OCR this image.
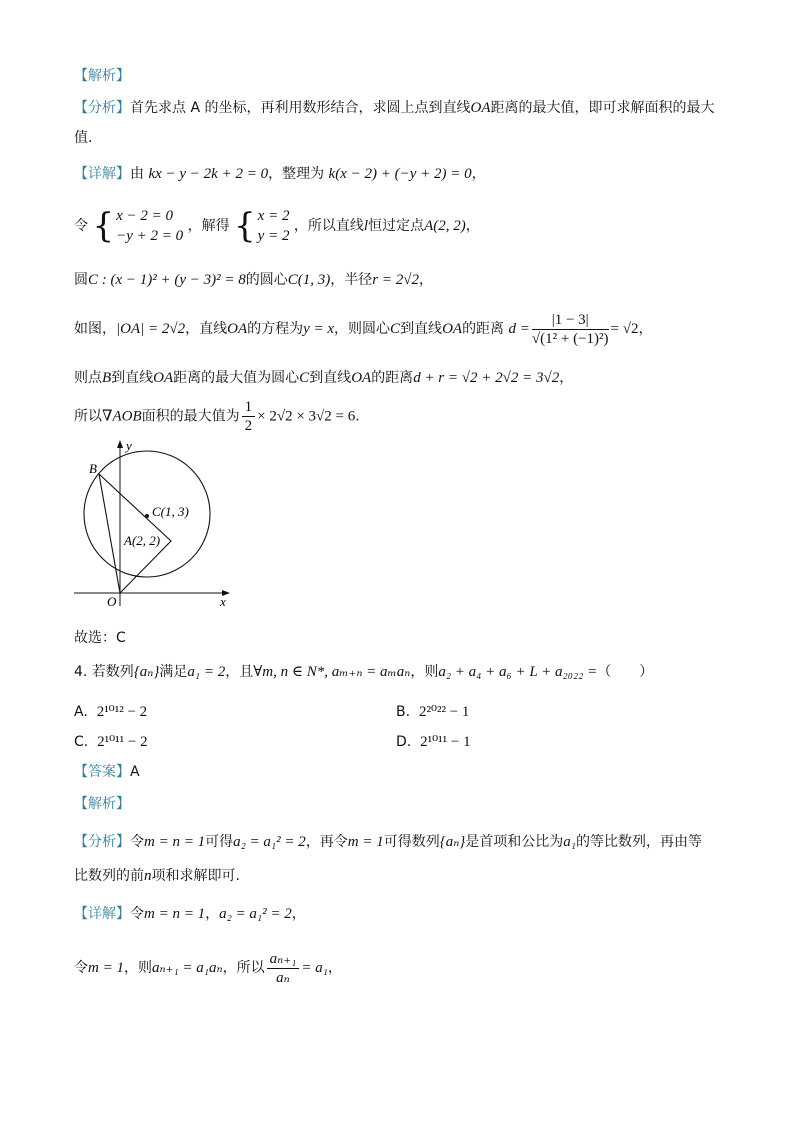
【解析】
【分析】首先求点 A 的坐标，再利用数形结合，求圆上点到直线OA距离的最大值，即可求解面积的最大
值.
【详解】由 kx − y − 2k + 2 = 0，整理为 k(x − 2) + (−y + 2) = 0，
令 { x − 2 = 0
−y + 2 = 0
，解得 { x = 2
y = 2
，所以直线l恒过定点A(2, 2)，
圆C : (x − 1)² + (y − 3)² = 8的圆心C(1, 3)，半径r = 2√2，
如图，|OA| = 2√2，直线OA的方程为y = x，则圆心C到直线OA的距离 $d = \frac{|1 - 3|}{\text{√(1² + (−1)²)}} = √2$，
则点B到直线OA距离的最大值为圆心C到直线OA的距离d + r = √2 + 2√2 = 3√2，
所以∇AOB面积的最大值为 $\frac{1}{2} \times 2√2 \times 3√2 = 6$.
y
x
O
B
C(1, 3)
A(2, 2)
故选：C
4. 若数列{aₙ}满足a₁ = 2，且∀m, n ∈ N*, aₘ₊ₙ = aₘaₙ，则a₂ + a₄ + a₆ + L + a₂₀₂₂ =（　　）
A. 2¹⁰¹² − 2	B. 2²⁰²² − 1
C. 2¹⁰¹¹ − 2	D. 2¹⁰¹¹ − 1
【答案】A
【解析】
【分析】令m = n = 1可得a₂ = a₁² = 2，再令m = 1可得数列{aₙ}是首项和公比为a₁的等比数列，再由等
比数列的前n项和求解即可.
【详解】令m = n = 1，a₂ = a₁² = 2，
令m = 1，则aₙ₊₁ = a₁aₙ，所以 $\frac{\text{aₙ₊₁}}{\text{aₙ}} = a_1$，
